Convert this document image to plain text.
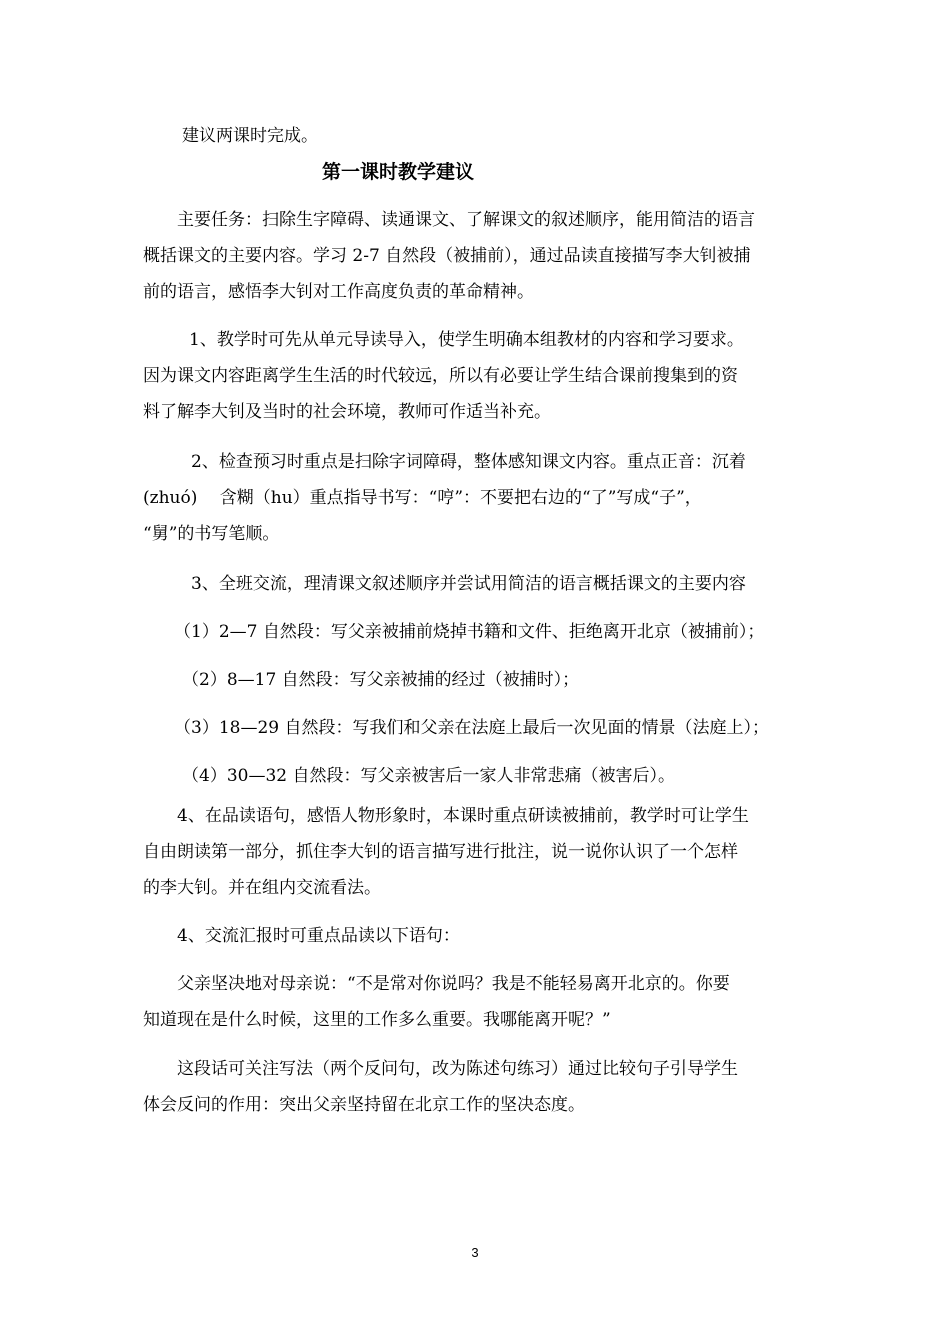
建议两课时完成。
第一课时教学建议
主要任务：扫除生字障碍、读通课文、了解课文的叙述顺序，能用简洁的语言
概括课文的主要内容。学习 2-7 自然段（被捕前），通过品读直接描写李大钊被捕
前的语言，感悟李大钊对工作高度负责的革命精神。
1、教学时可先从单元导读导入，使学生明确本组教材的内容和学习要求。
因为课文内容距离学生生活的时代较远，所以有必要让学生结合课前搜集到的资
料了解李大钊及当时的社会环境，教师可作适当补充。
2、检查预习时重点是扫除字词障碍，整体感知课文内容。重点正音：沉着
(zhuó)　 含糊（hu）重点指导书写：“哼”：不要把右边的“了”写成“子”，
“舅”的书写笔顺。
3、全班交流，理清课文叙述顺序并尝试用简洁的语言概括课文的主要内容
（1）2—7 自然段：写父亲被捕前烧掉书籍和文件、拒绝离开北京（被捕前）；
（2）8—17 自然段：写父亲被捕的经过（被捕时）；
（3）18—29 自然段：写我们和父亲在法庭上最后一次见面的情景（法庭上）；
（4）30—32 自然段：写父亲被害后一家人非常悲痛（被害后）。
4、在品读语句，感悟人物形象时，本课时重点研读被捕前，教学时可让学生
自由朗读第一部分，抓住李大钊的语言描写进行批注，说一说你认识了一个怎样
的李大钊。并在组内交流看法。
4、交流汇报时可重点品读以下语句：
父亲坚决地对母亲说：“不是常对你说吗？我是不能轻易离开北京的。你要
知道现在是什么时候，这里的工作多么重要。我哪能离开呢？”
这段话可关注写法（两个反问句，改为陈述句练习）通过比较句子引导学生
体会反问的作用：突出父亲坚持留在北京工作的坚决态度。
3
